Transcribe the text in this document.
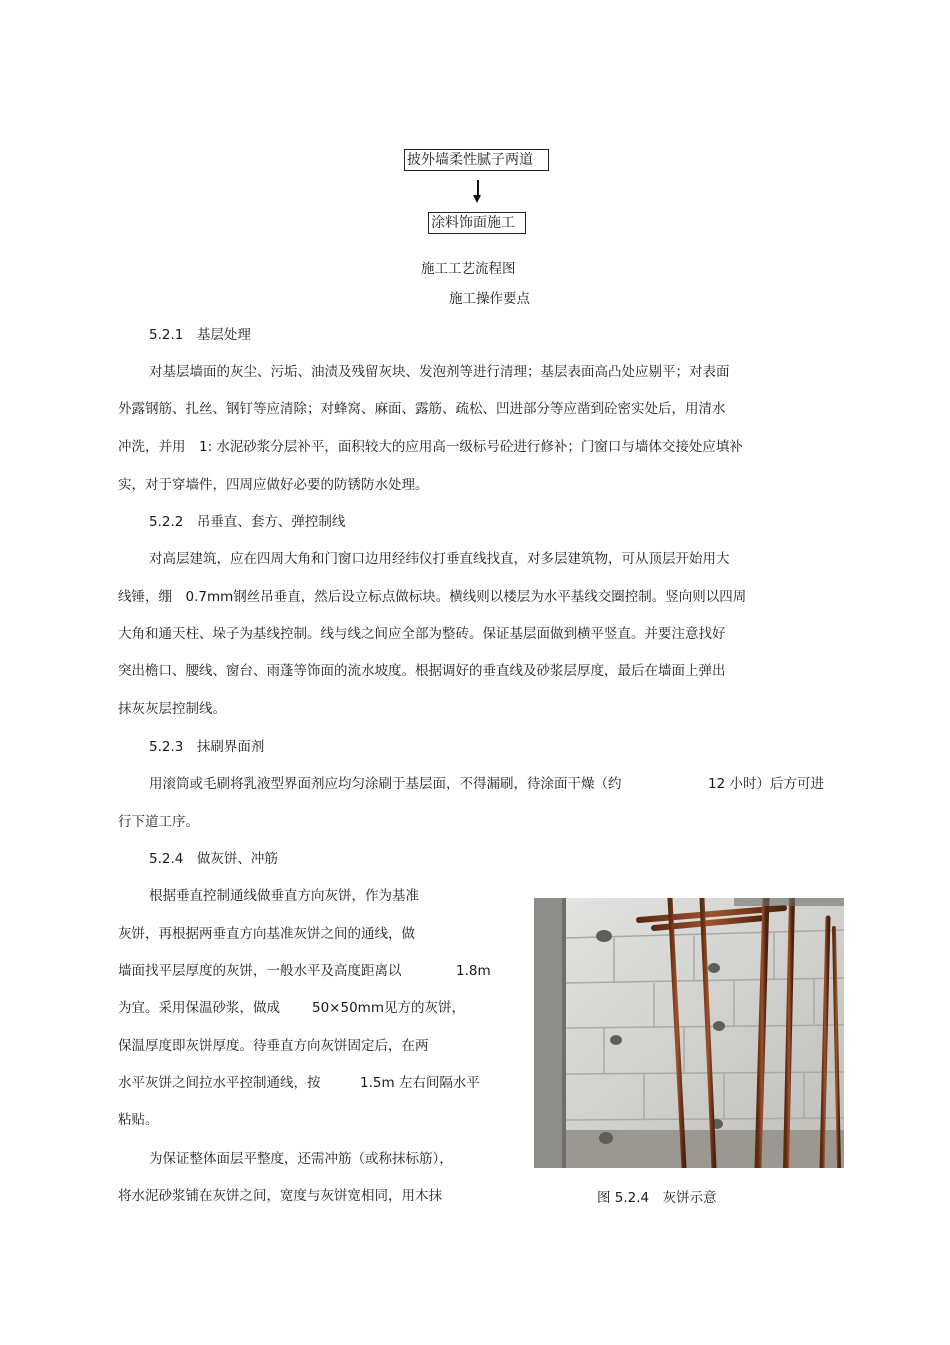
披外墙柔性腻子两道
涂料饰面施工
施工工艺流程图
施工操作要点
5.2.1　基层处理
对基层墙面的灰尘、污垢、油渍及残留灰块、发泡剂等进行清理；基层表面高凸处应剔平；对表面
外露钢筋、扎丝、钢钉等应清除；对蜂窝、麻面、露筋、疏松、凹进部分等应凿到砼密实处后，用清水
冲洗，并用　1: 水泥砂浆分层补平，面积较大的应用高一级标号砼进行修补；门窗口与墙体交接处应填补
实，对于穿墙件，四周应做好必要的防锈防水处理。
5.2.2　吊垂直、套方、弹控制线
对高层建筑，应在四周大角和门窗口边用经纬仪打垂直线找直，对多层建筑物，可从顶层开始用大
线锤，绷　0.7mm钢丝吊垂直，然后设立标点做标块。横线则以楼层为水平基线交圈控制。竖向则以四周
大角和通天柱、垛子为基线控制。线与线之间应全部为整砖。保证基层面做到横平竖直。并要注意找好
突出檐口、腰线、窗台、雨蓬等饰面的流水坡度。根据调好的垂直线及砂浆层厚度，最后在墙面上弹出
抹灰灰层控制线。
5.2.3　抹刷界面剂
用滚筒或毛刷将乳液型界面剂应均匀涂刷于基层面，不得漏刷，待涂面干燥（约	12 小时）后方可进
行下道工序。
5.2.4　做灰饼、冲筋
根据垂直控制通线做垂直方向灰饼，作为基准
灰饼，再根据两垂直方向基准灰饼之间的通线，做
墙面找平层厚度的灰饼，一般水平及高度距离以	1.8m
为宜。采用保温砂浆，做成 50×50mm见方的灰饼，
保温厚度即灰饼厚度。待垂直方向灰饼固定后，在两
水平灰饼之间拉水平控制通线，按	1.5m 左右间隔水平
粘贴。
为保证整体面层平整度，还需冲筋（或称抹标筋），
将水泥砂浆铺在灰饼之间，宽度与灰饼宽相同，用木抹	图 5.2.4　灰饼示意
